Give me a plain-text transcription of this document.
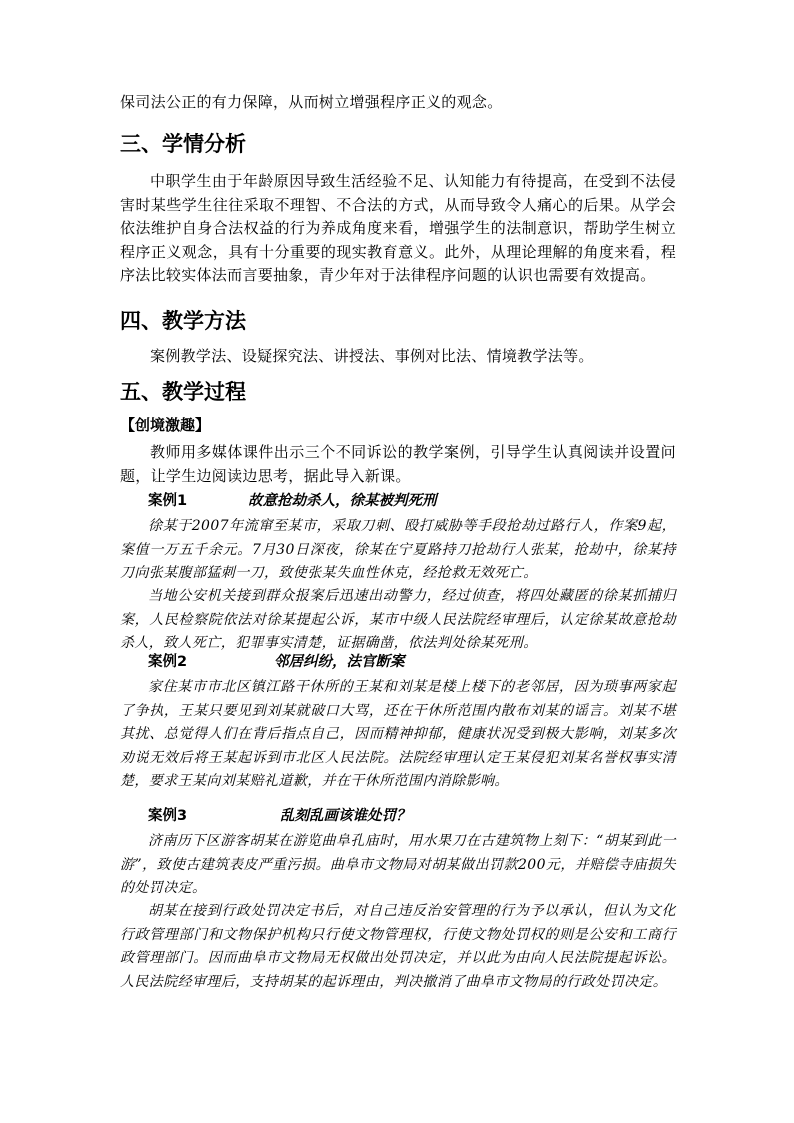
保司法公正的有力保障，从而树立增强程序正义的观念。
三、学情分析
中职学生由于年龄原因导致生活经验不足、认知能力有待提高，在受到不法侵害时某些学生往往采取不理智、不合法的方式，从而导致令人痛心的后果。从学会依法维护自身合法权益的行为养成角度来看，增强学生的法制意识，帮助学生树立程序正义观念，具有十分重要的现实教育意义。此外，从理论理解的角度来看，程序法比较实体法而言要抽象，青少年对于法律程序问题的认识也需要有效提高。
四、教学方法
案例教学法、设疑探究法、讲授法、事例对比法、情境教学法等。
五、教学过程
【创境激趣】
教师用多媒体课件出示三个不同诉讼的教学案例，引导学生认真阅读并设置问题，让学生边阅读边思考，据此导入新课。
案例1	故意抢劫杀人，徐某被判死刑
徐某于2007年流窜至某市，采取刀刺、殴打威胁等手段抢劫过路行人，作案9起，案值一万五千余元。7月30日深夜，徐某在宁夏路持刀抢劫行人张某，抢劫中，徐某持刀向张某腹部猛刺一刀，致使张某失血性休克，经抢救无效死亡。
当地公安机关接到群众报案后迅速出动警力，经过侦查，将四处藏匿的徐某抓捕归案，人民检察院依法对徐某提起公诉，某市中级人民法院经审理后，认定徐某故意抢劫杀人，致人死亡，犯罪事实清楚，证据确凿，依法判处徐某死刑。
案例2	邻居纠纷，法官断案
家住某市市北区镇江路干休所的王某和刘某是楼上楼下的老邻居，因为琐事两家起了争执，王某只要见到刘某就破口大骂，还在干休所范围内散布刘某的谣言。刘某不堪其扰、总觉得人们在背后指点自己，因而精神抑郁，健康状况受到极大影响，刘某多次劝说无效后将王某起诉到市北区人民法院。法院经审理认定王某侵犯刘某名誉权事实清楚，要求王某向刘某赔礼道歉，并在干休所范围内消除影响。
案例3	乱刻乱画该谁处罚？
济南历下区游客胡某在游览曲阜孔庙时，用水果刀在古建筑物上刻下：“胡某到此一游”，致使古建筑表皮严重污损。曲阜市文物局对胡某做出罚款200元，并赔偿寺庙损失的处罚决定。
胡某在接到行政处罚决定书后，对自己违反治安管理的行为予以承认，但认为文化行政管理部门和文物保护机构只行使文物管理权，行使文物处罚权的则是公安和工商行政管理部门。因而曲阜市文物局无权做出处罚决定，并以此为由向人民法院提起诉讼。人民法院经审理后，支持胡某的起诉理由，判决撤消了曲阜市文物局的行政处罚决定。
